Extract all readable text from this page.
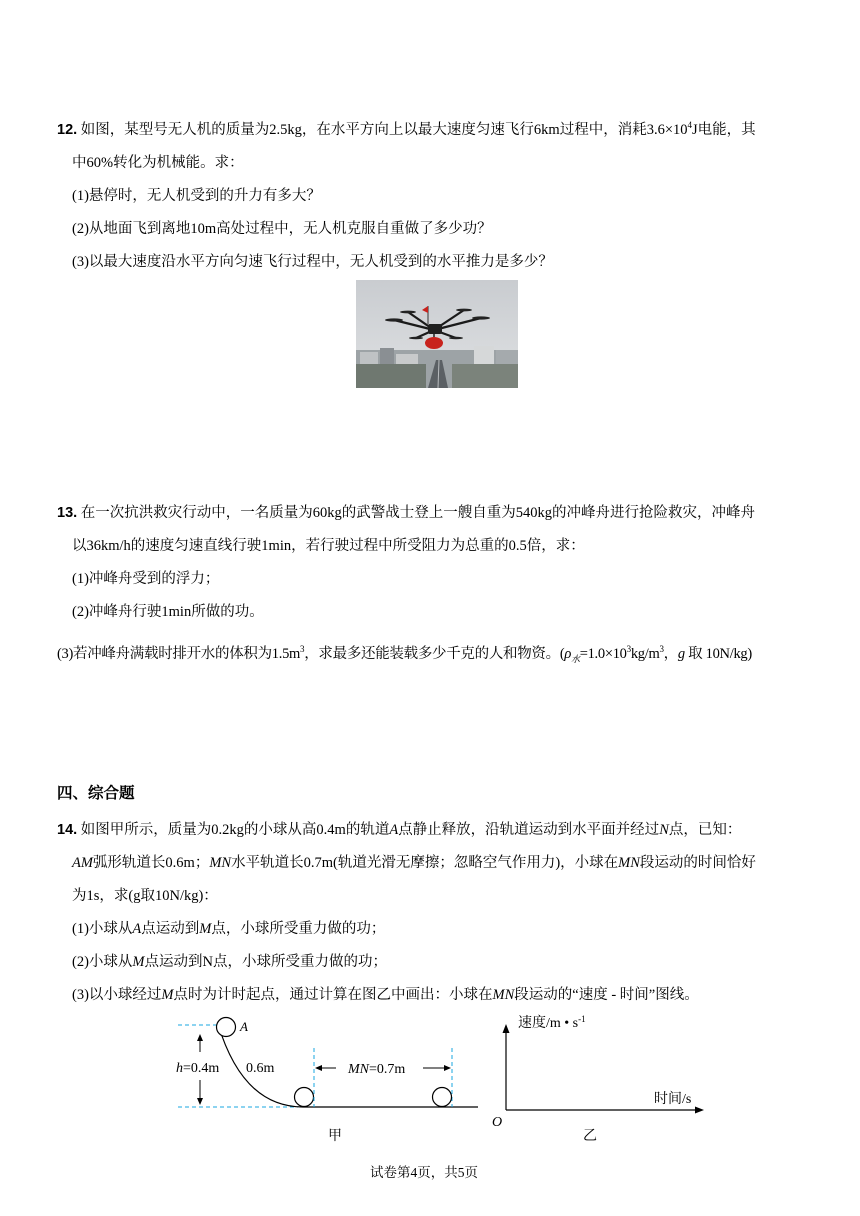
12. 如图，某型号无人机的质量为2.5kg，在水平方向上以最大速度匀速飞行6km过程中，消耗$3.6\times 10^4J$电能，其
中60%转化为机械能。求：
(1)悬停时，无人机受到的升力有多大？
(2)从地面飞到离地10m高处过程中，无人机克服自重做了多少功？
(3)以最大速度沿水平方向匀速飞行过程中，无人机受到的水平推力是多少？
13. 在一次抗洪救灾行动中，一名质量为60kg的武警战士登上一艘自重为540kg的冲峰舟进行抢险救灾，冲峰舟
以36km/h的速度匀速直线行驶1min，若行驶过程中所受阻力为总重的0.5倍，求：
(1)冲峰舟受到的浮力；
(2)冲峰舟行驶1min所做的功。
(3)若冲峰舟满载时排开水的体积为$1.5m^3$，求最多还能装载多少千克的人和物资。($\rho_水=1.0\times 10^3kg/m^3$，g 取 10N/kg)
四、综合题
14. 如图甲所示，质量为0.2kg的小球从高0.4m的轨道A点静止释放，沿轨道运动到水平面并经过N点，已知：
AM弧形轨道长0.6m；MN水平轨道长0.7m(轨道光滑无摩擦；忽略空气作用力)，小球在MN段运动的时间恰好
为1s，求(g取10N/kg)：
(1)小球从A点运动到M点，小球所受重力做的功；
(2)小球从M点运动到N点，小球所受重力做的功；
(3)以小球经过M点时为计时起点，通过计算在图乙中画出：小球在MN段运动的“速度 - 时间”图线。
h=0.4m
A
0.6m	MN=0.7m
甲
速度/m • $s^{-1}$
时间/s
O
乙
试卷第4页，共5页
